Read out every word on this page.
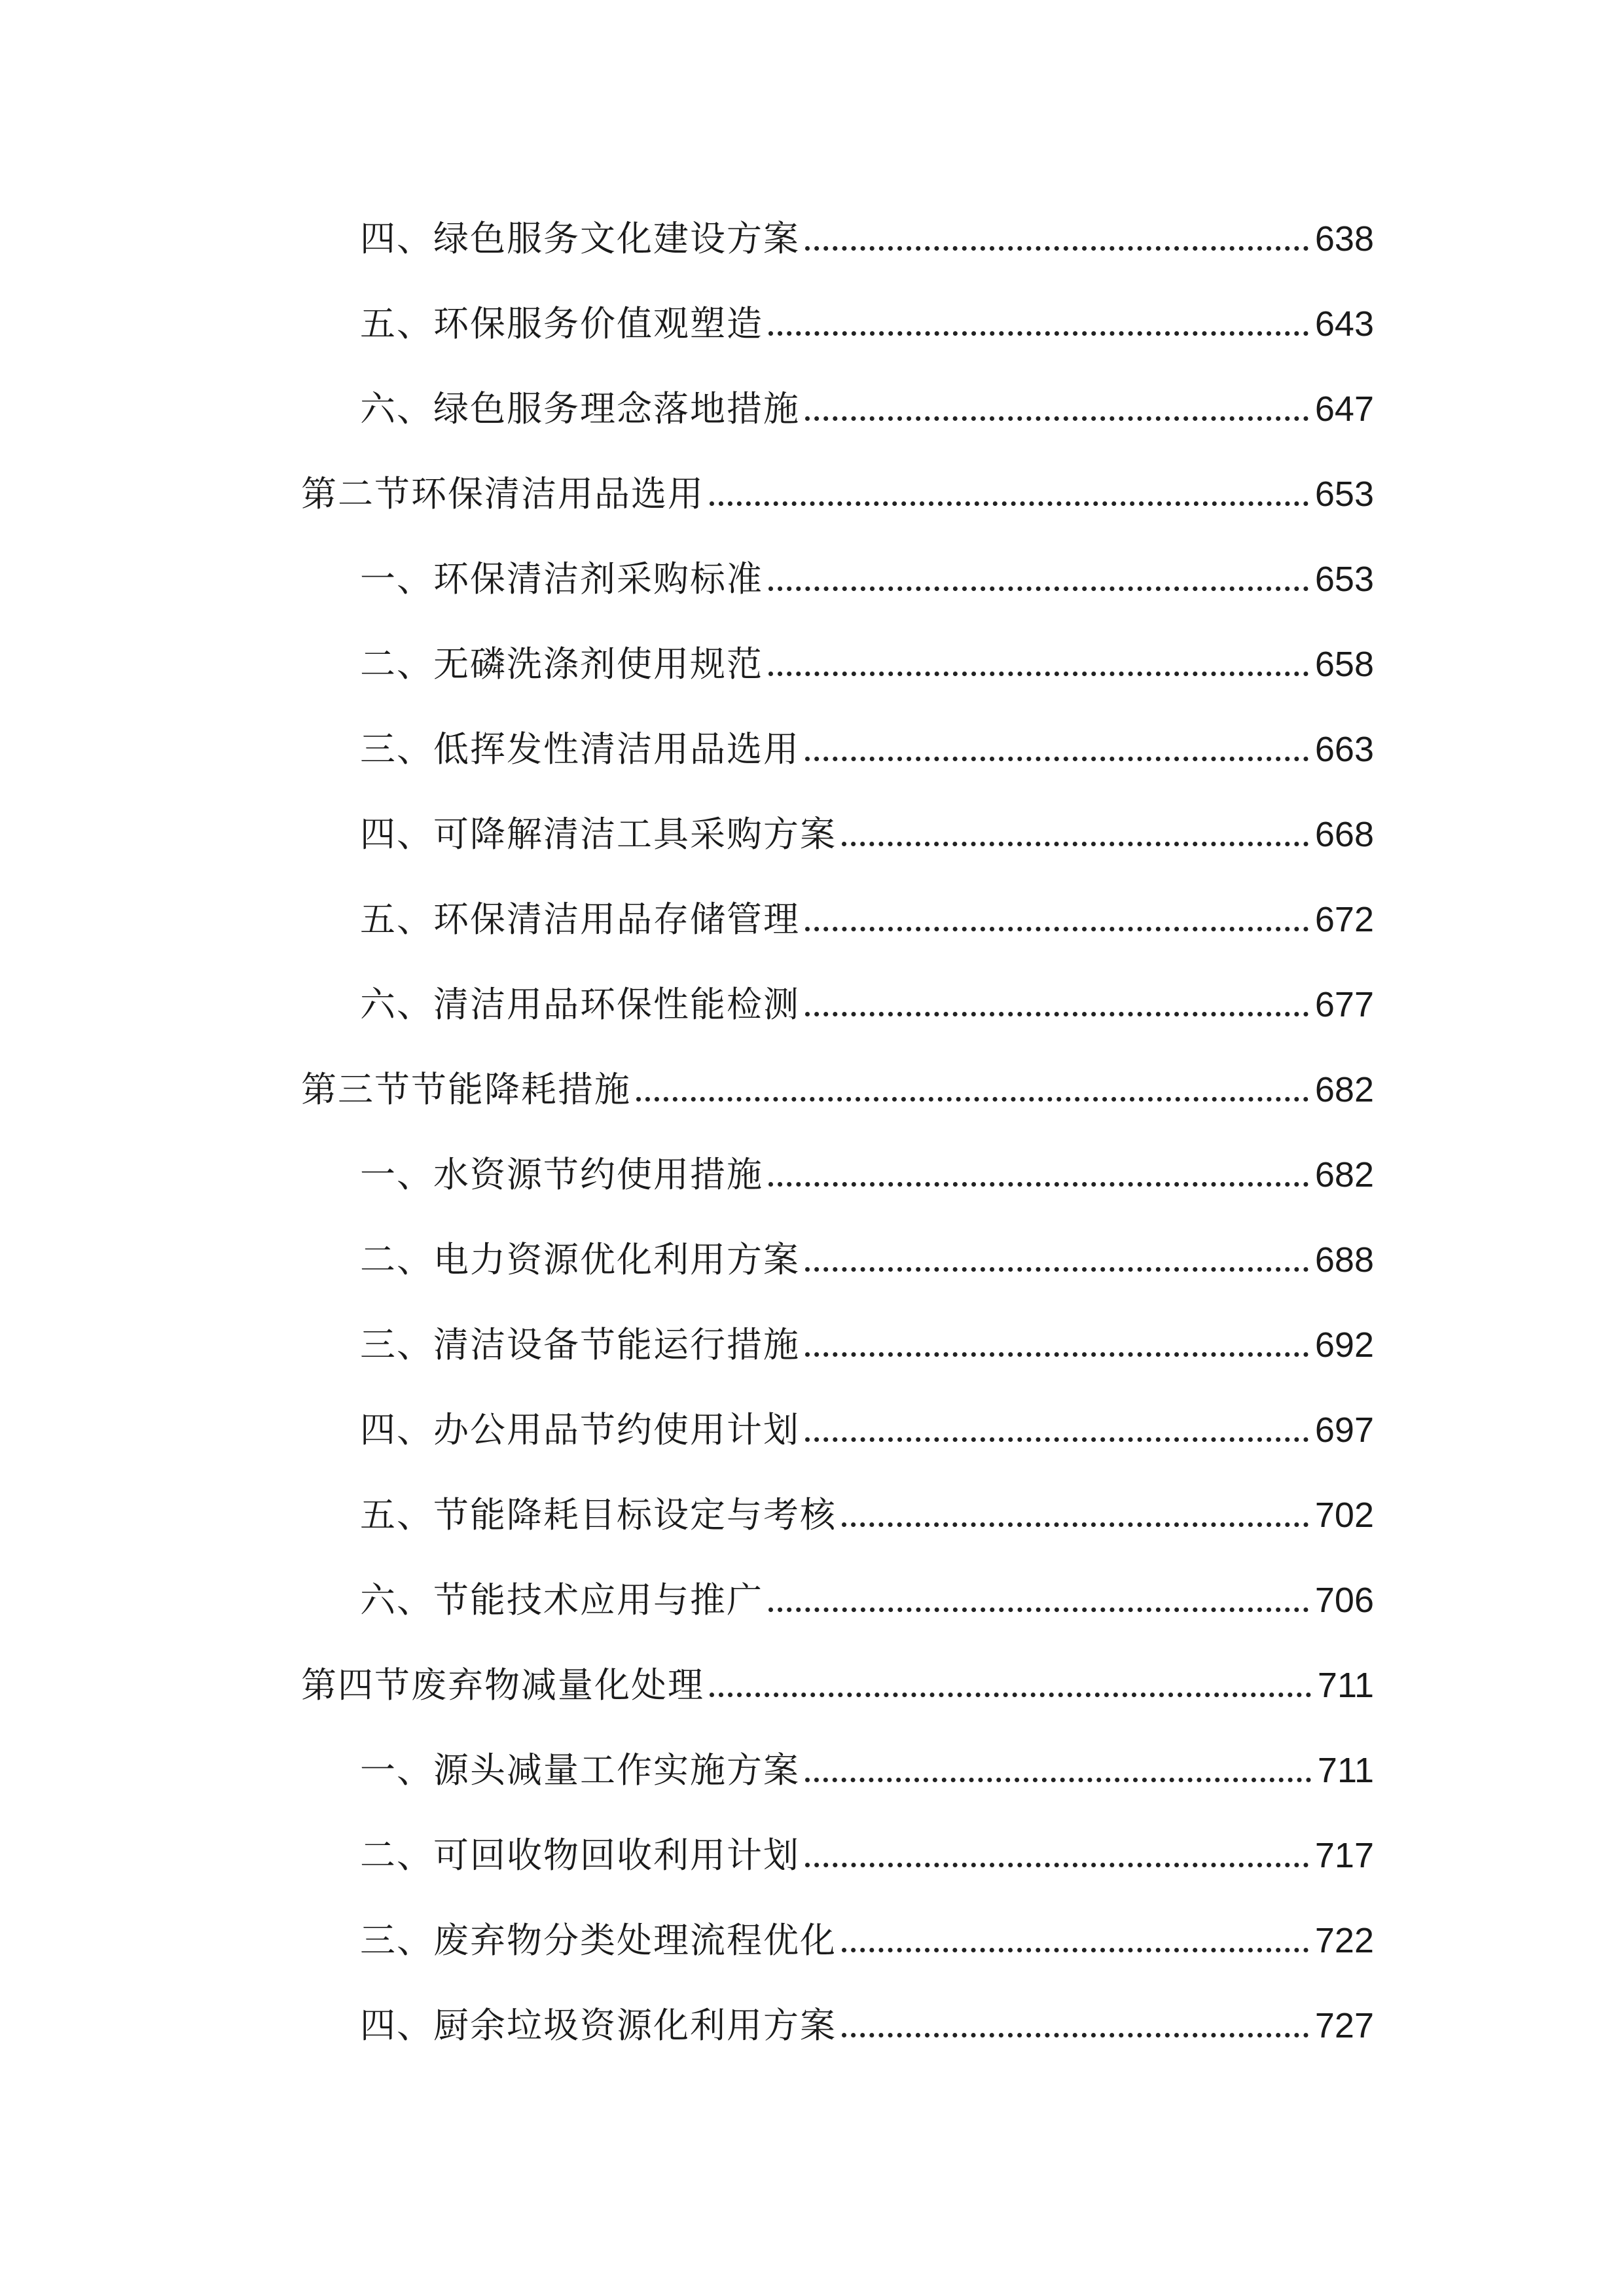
四、绿色服务文化建设方案	638
五、环保服务价值观塑造	643
六、绿色服务理念落地措施	647
第二节环保清洁用品选用	653
一、环保清洁剂采购标准	653
二、无磷洗涤剂使用规范	658
三、低挥发性清洁用品选用	663
四、可降解清洁工具采购方案	668
五、环保清洁用品存储管理	672
六、清洁用品环保性能检测	677
第三节节能降耗措施	682
一、水资源节约使用措施	682
二、电力资源优化利用方案	688
三、清洁设备节能运行措施	692
四、办公用品节约使用计划	697
五、节能降耗目标设定与考核	702
六、节能技术应用与推广	706
第四节废弃物减量化处理	711
一、源头减量工作实施方案	711
二、可回收物回收利用计划	717
三、废弃物分类处理流程优化	722
四、厨余垃圾资源化利用方案	727
